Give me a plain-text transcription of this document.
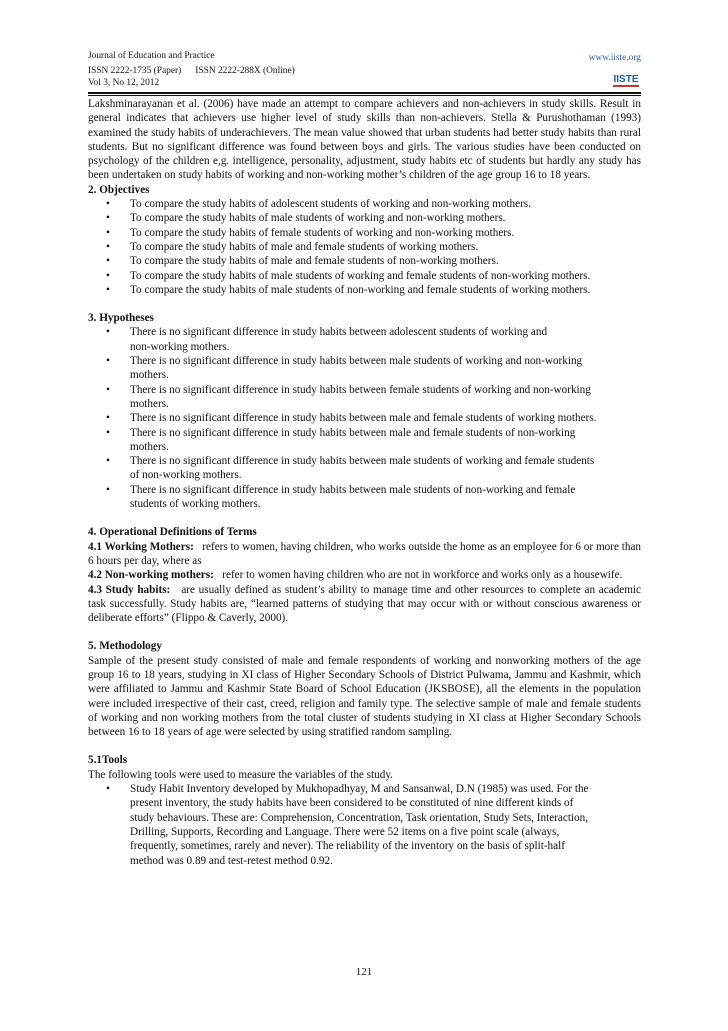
Journal of Education and Practice
ISSN 2222-1735 (Paper)      ISSN 2222-288X (Online)
Vol 3, No 12, 2012
www.iiste.org
IISTE

Lakshminarayanan et al. (2006) have made an attempt to compare achievers and non-achievers in study skills. Result in general indicates that achievers use higher level of study skills than non-achievers. Stella & Purushothaman (1993) examined the study habits of underachievers. The mean value showed that urban students had better study habits than rural students. But no significant difference was found between boys and girls. The various studies have been conducted on psychology of the children e,g. intelligence, personality, adjustment, study habits etc of students but hardly any study has been undertaken on study habits of working and non-working mother’s children of the age group 16 to 18 years.

2. Objectives
• To compare the study habits of adolescent students of working and non-working mothers.
• To compare the study habits of male students of working and non-working mothers.
• To compare the study habits of female students of working and non-working mothers.
• To compare the study habits of male and female students of working mothers.
• To compare the study habits of male and female students of non-working mothers.
• To compare the study habits of male students of working and female students of non-working mothers.
• To compare the study habits of male students of non-working and female students of working mothers.
3. Hypotheses
• There is no significant difference in study habits between adolescent students of working and
non-working mothers.
• There is no significant difference in study habits between male students of working and non-working
mothers.
• There is no significant difference in study habits between female students of working and non-working
mothers.
• There is no significant difference in study habits between male and female students of working mothers.
• There is no significant difference in study habits between male and female students of non-working
mothers.
• There is no significant difference in study habits between male students of working and female students
of non-working mothers.
• There is no significant difference in study habits between male students of non-working and female
students of working mothers.
4. Operational Definitions of Terms

4.1 Working Mothers: refers to women, having children, who works outside the home as an employee for 6 or more than 6 hours per day, where as

4.2 Non-working mothers: refer to women having children who are not in workforce and works only as a housewife.

4.3 Study habits: are usually defined as student’s ability to manage time and other resources to complete an academic task successfully. Study habits are, “learned patterns of studying that may occur with or without conscious awareness or deliberate efforts” (Flippo & Caverly, 2000).

5. Methodology

Sample of the present study consisted of male and female respondents of working and nonworking mothers of the age group 16 to 18 years, studying in XI class of Higher Secondary Schools of District Pulwama, Jammu and Kashmir, which were affiliated to Jammu and Kashmir State Board of School Education (JKSBOSE), all the elements in the population were included irrespective of their cast, creed, religion and family type. The selective sample of male and female students of working and non working mothers from the total cluster of students studying in XI class at Higher Secondary Schools between 16 to 18 years of age were selected by using stratified random sampling.

5.1Tools

The following tools were used to measure the variables of the study.

• Study Habit Inventory developed by Mukhopadhyay, M and Sansanwal, D.N (1985) was used. For the
present inventory, the study habits have been considered to be constituted of nine different kinds of
study behaviours. These are: Comprehension, Concentration, Task orientation, Study Sets, Interaction,
Drilling, Supports, Recording and Language. There were 52 items on a five point scale (always,
frequently, sometimes, rarely and never). The reliability of the inventory on the basis of split-half
method was 0.89 and test-retest method 0.92.
121
